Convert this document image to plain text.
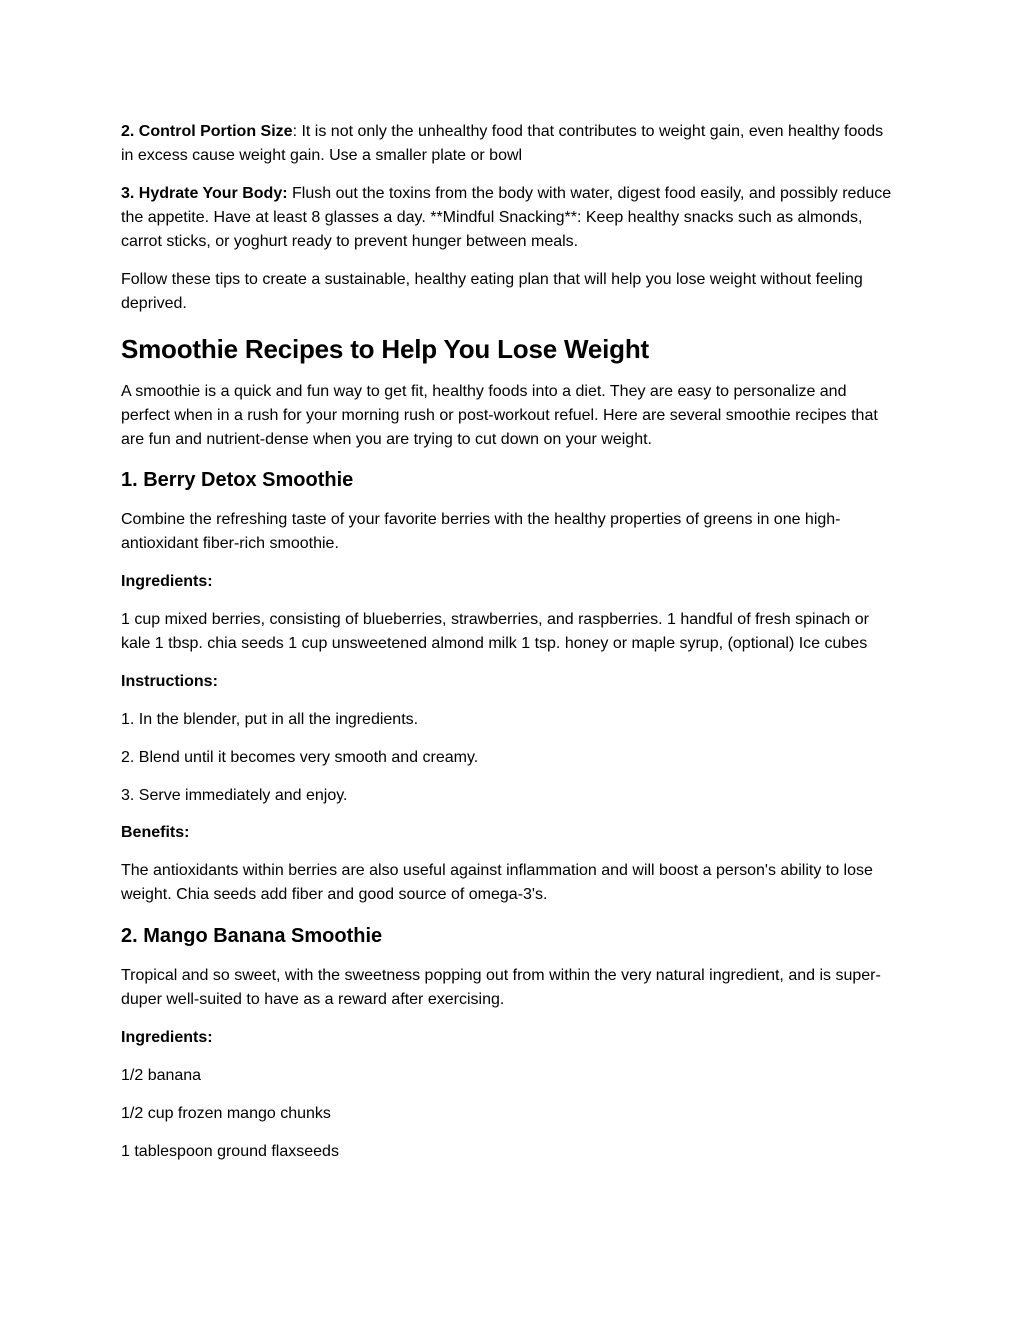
2. Control Portion Size: It is not only the unhealthy food that contributes to weight gain, even healthy foods in excess cause weight gain. Use a smaller plate or bowl

3. Hydrate Your Body: Flush out the toxins from the body with water, digest food easily, and possibly reduce the appetite. Have at least 8 glasses a day. **Mindful Snacking**: Keep healthy snacks such as almonds, carrot sticks, or yoghurt ready to prevent hunger between meals.

Follow these tips to create a sustainable, healthy eating plan that will help you lose weight without feeling deprived.

Smoothie Recipes to Help You Lose Weight

A smoothie is a quick and fun way to get fit, healthy foods into a diet. They are easy to personalize and perfect when in a rush for your morning rush or post-workout refuel. Here are several smoothie recipes that are fun and nutrient-dense when you are trying to cut down on your weight.

1. Berry Detox Smoothie

Combine the refreshing taste of your favorite berries with the healthy properties of greens in one high-antioxidant fiber-rich smoothie.

Ingredients:

1 cup mixed berries, consisting of blueberries, strawberries, and raspberries. 1 handful of fresh spinach or kale 1 tbsp. chia seeds 1 cup unsweetened almond milk 1 tsp. honey or maple syrup, (optional) Ice cubes

Instructions:

1. In the blender, put in all the ingredients.

2. Blend until it becomes very smooth and creamy.

3. Serve immediately and enjoy.

Benefits:

The antioxidants within berries are also useful against inflammation and will boost a person's ability to lose weight. Chia seeds add fiber and good source of omega-3's.

2. Mango Banana Smoothie

Tropical and so sweet, with the sweetness popping out from within the very natural ingredient, and is super-duper well-suited to have as a reward after exercising.

Ingredients:

1/2 banana

1/2 cup frozen mango chunks

1 tablespoon ground flaxseeds
